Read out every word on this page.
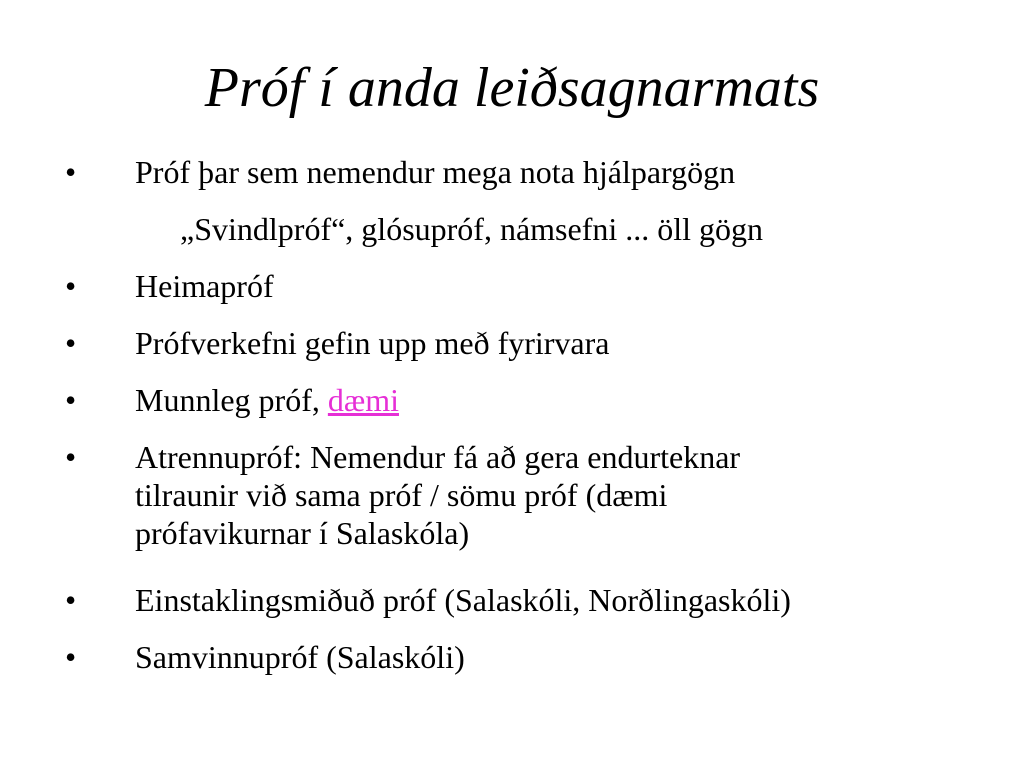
Próf í anda leiðsagnarmats
• Próf þar sem nemendur mega nota hjálpargögn
„Svindlpróf“, glósupróf, námsefni ... öll gögn
• Heimapróf
• Prófverkefni gefin upp með fyrirvara
• Munnleg próf, dæmi
• Atrennupróf: Nemendur fá að gera endurteknar
tilraunir við sama próf / sömu próf (dæmi
prófavikurnar í Salaskóla)
• Einstaklingsmiðuð próf (Salaskóli, Norðlingaskóli)
• Samvinnupróf (Salaskóli)
